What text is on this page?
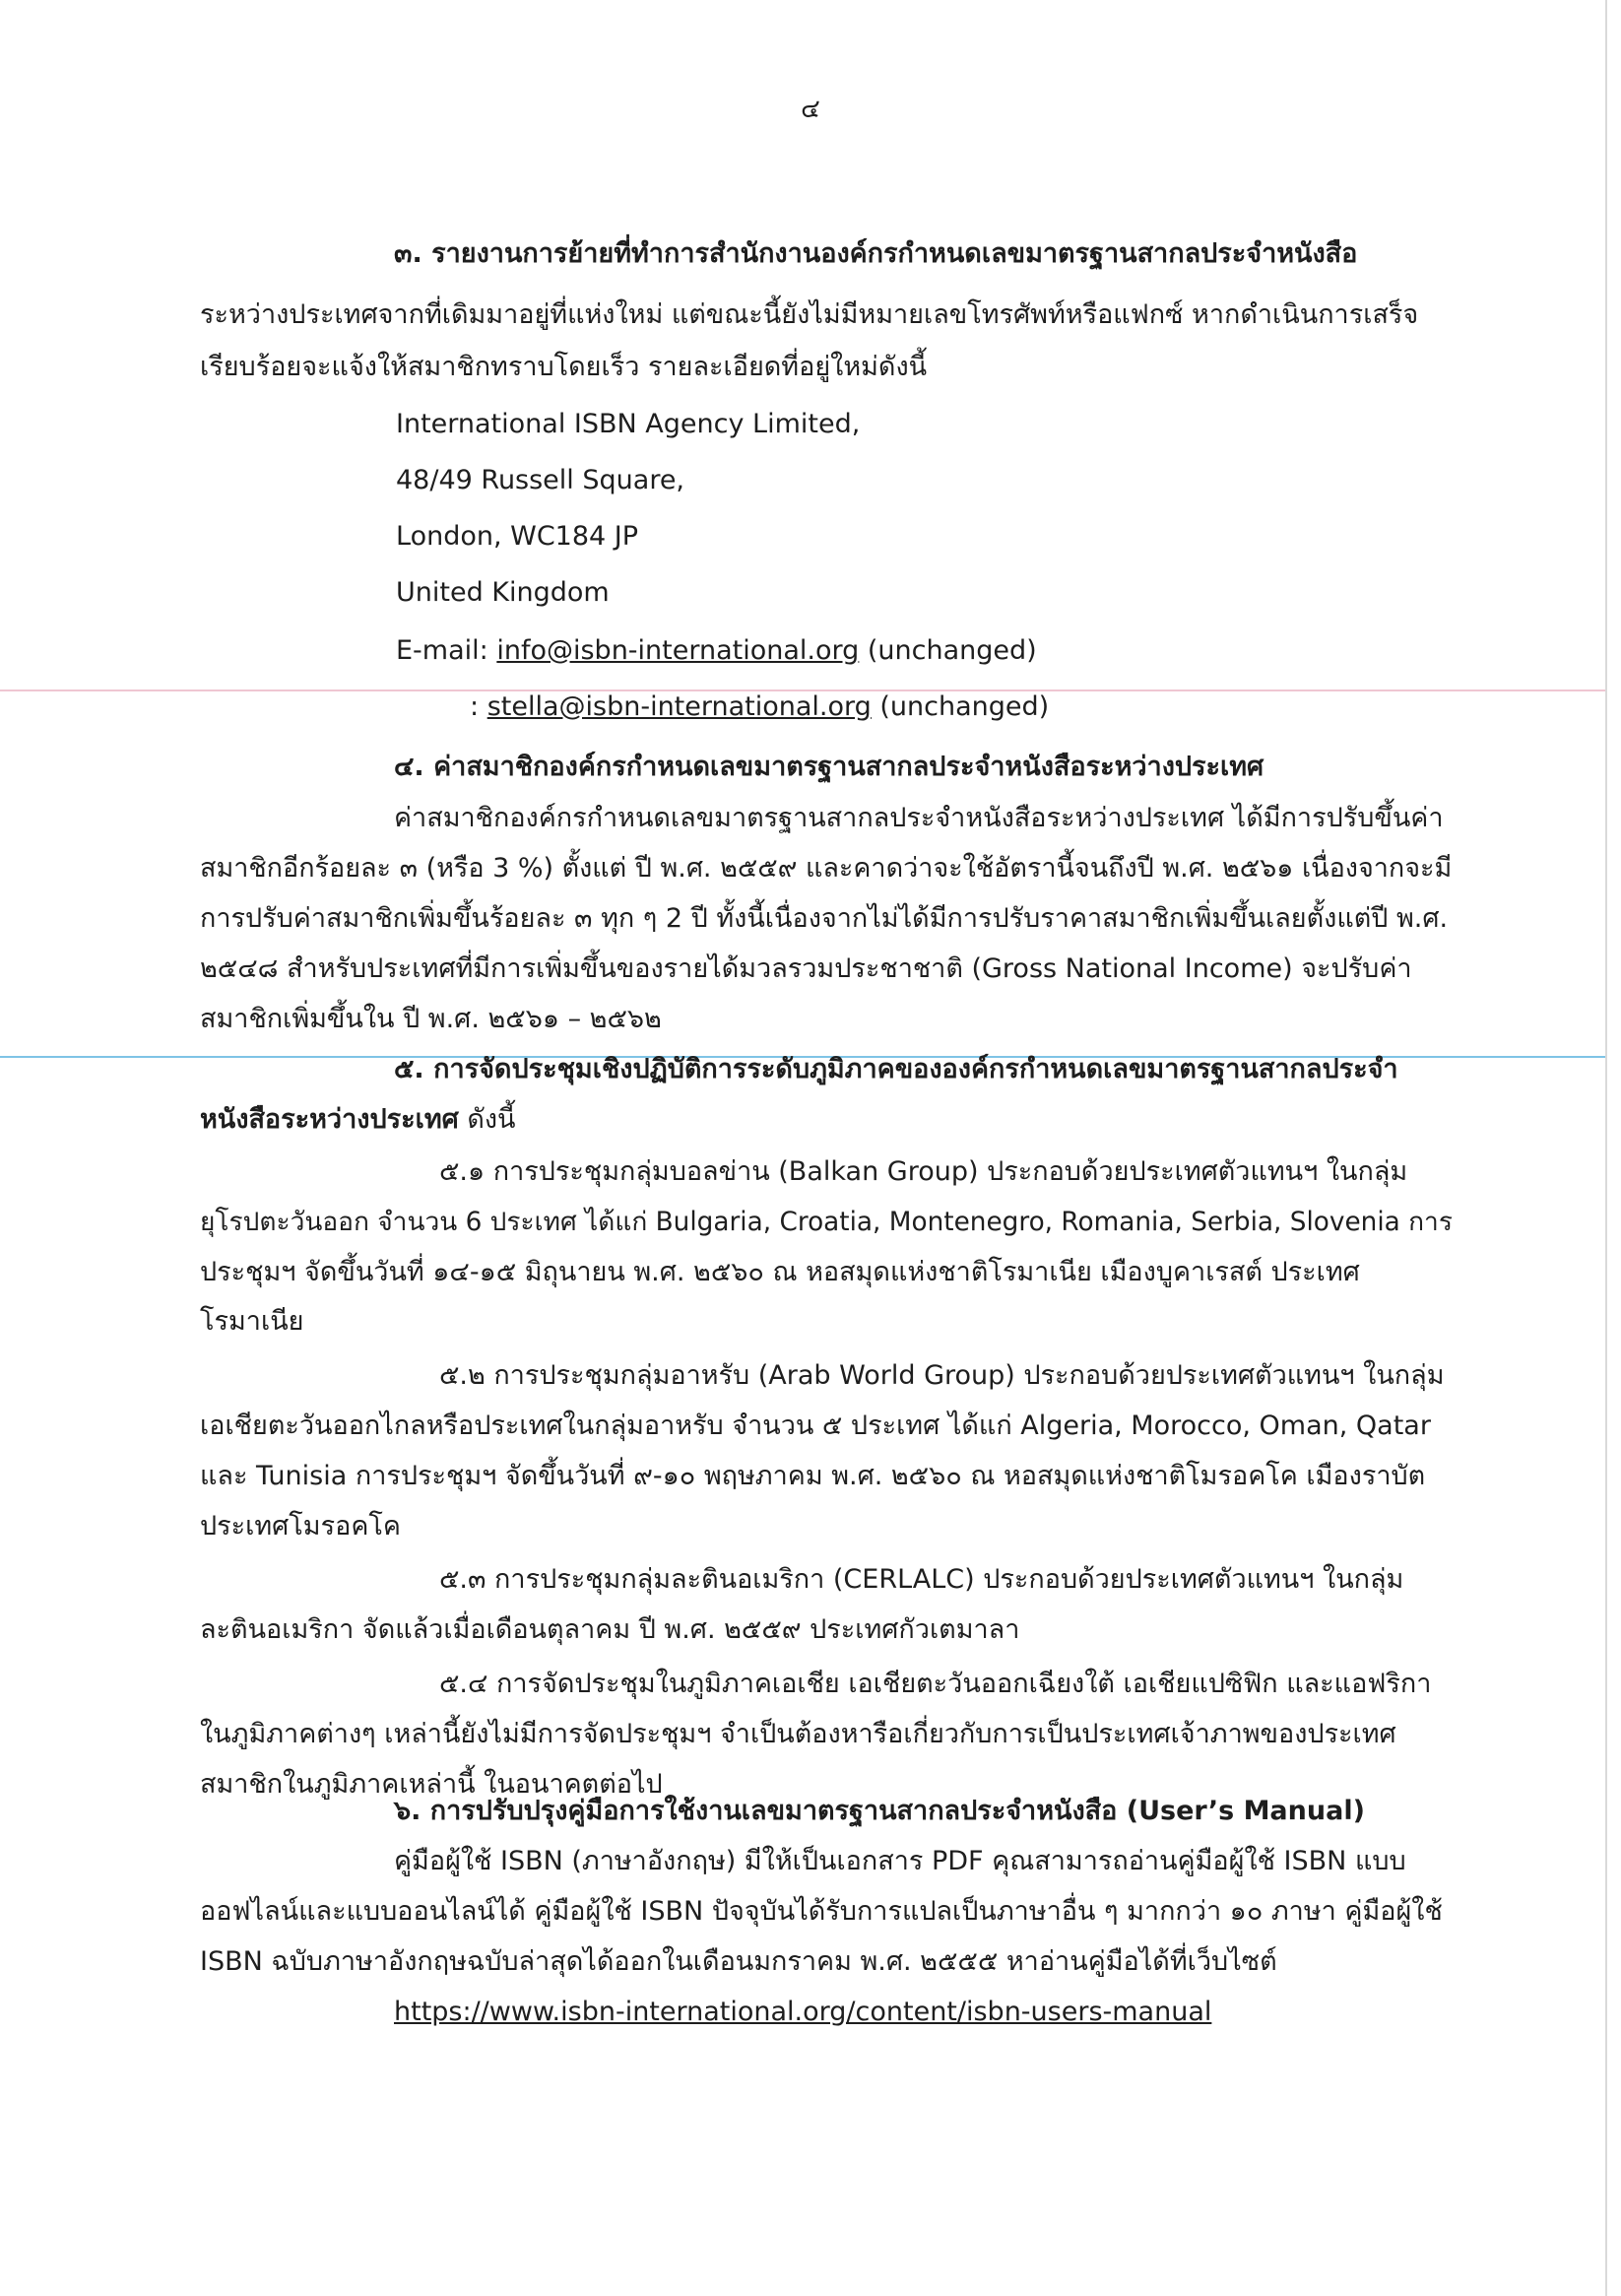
๔
๓. รายงานการย้ายที่ทำการสำนักงานองค์กรกำหนดเลขมาตรฐานสากลประจำหนังสือ
ระหว่างประเทศจากที่เดิมมาอยู่ที่แห่งใหม่ แต่ขณะนี้ยังไม่มีหมายเลขโทรศัพท์หรือแฟกซ์ หากดำเนินการเสร็จ
เรียบร้อยจะแจ้งให้สมาชิกทราบโดยเร็ว รายละเอียดที่อยู่ใหม่ดังนี้
International ISBN Agency Limited,
48/49 Russell Square,
London, WC184 JP
United Kingdom
E-mail: info@isbn-international.org (unchanged)
: stella@isbn-international.org (unchanged)
๔. ค่าสมาชิกองค์กรกำหนดเลขมาตรฐานสากลประจำหนังสือระหว่างประเทศ
ค่าสมาชิกองค์กรกำหนดเลขมาตรฐานสากลประจำหนังสือระหว่างประเทศ ได้มีการปรับขึ้นค่า
สมาชิกอีกร้อยละ ๓ (หรือ 3 %) ตั้งแต่ ปี พ.ศ. ๒๕๕๙ และคาดว่าจะใช้อัตรานี้จนถึงปี พ.ศ. ๒๕๖๑ เนื่องจากจะมี
การปรับค่าสมาชิกเพิ่มขึ้นร้อยละ ๓ ทุก ๆ 2 ปี ทั้งนี้เนื่องจากไม่ได้มีการปรับราคาสมาชิกเพิ่มขึ้นเลยตั้งแต่ปี พ.ศ.
๒๕๔๘ สำหรับประเทศที่มีการเพิ่มขึ้นของรายได้มวลรวมประชาชาติ (Gross National Income) จะปรับค่า
สมาชิกเพิ่มขึ้นใน ปี พ.ศ. ๒๕๖๑ – ๒๕๖๒
๕. การจัดประชุมเชิงปฏิบัติการระดับภูมิภาคขององค์กรกำหนดเลขมาตรฐานสากลประจำ
หนังสือระหว่างประเทศ ดังนี้
๕.๑ การประชุมกลุ่มบอลข่าน (Balkan Group) ประกอบด้วยประเทศตัวแทนฯ ในกลุ่ม
ยุโรปตะวันออก จำนวน 6 ประเทศ ได้แก่ Bulgaria, Croatia, Montenegro, Romania, Serbia, Slovenia การ
ประชุมฯ จัดขึ้นวันที่ ๑๔-๑๕ มิถุนายน พ.ศ. ๒๕๖๐ ณ หอสมุดแห่งชาติโรมาเนีย เมืองบูคาเรสต์ ประเทศ
โรมาเนีย
๕.๒ การประชุมกลุ่มอาหรับ (Arab World Group) ประกอบด้วยประเทศตัวแทนฯ ในกลุ่ม
เอเชียตะวันออกไกลหรือประเทศในกลุ่มอาหรับ จำนวน ๕ ประเทศ ได้แก่ Algeria, Morocco, Oman, Qatar
และ Tunisia การประชุมฯ จัดขึ้นวันที่ ๙-๑๐ พฤษภาคม พ.ศ. ๒๕๖๐ ณ หอสมุดแห่งชาติโมรอคโค เมืองราบัต
ประเทศโมรอคโค
๕.๓ การประชุมกลุ่มละตินอเมริกา (CERLALC) ประกอบด้วยประเทศตัวแทนฯ ในกลุ่ม
ละตินอเมริกา จัดแล้วเมื่อเดือนตุลาคม ปี พ.ศ. ๒๕๕๙ ประเทศกัวเตมาลา
๕.๔ การจัดประชุมในภูมิภาคเอเชีย เอเชียตะวันออกเฉียงใต้ เอเชียแปซิฟิก และแอฟริกา
ในภูมิภาคต่างๆ เหล่านี้ยังไม่มีการจัดประชุมฯ จำเป็นต้องหารือเกี่ยวกับการเป็นประเทศเจ้าภาพของประเทศ
สมาชิกในภูมิภาคเหล่านี้ ในอนาคตต่อไป
๖. การปรับปรุงคู่มือการใช้งานเลขมาตรฐานสากลประจำหนังสือ (User’s Manual)
คู่มือผู้ใช้ ISBN (ภาษาอังกฤษ) มีให้เป็นเอกสาร PDF คุณสามารถอ่านคู่มือผู้ใช้ ISBN แบบ
ออฟไลน์และแบบออนไลน์ได้ คู่มือผู้ใช้ ISBN ปัจจุบันได้รับการแปลเป็นภาษาอื่น ๆ มากกว่า ๑๐ ภาษา คู่มือผู้ใช้
ISBN ฉบับภาษาอังกฤษฉบับล่าสุดได้ออกในเดือนมกราคม พ.ศ. ๒๕๕๕ หาอ่านคู่มือได้ที่เว็บไซต์
https://www.isbn-international.org/content/isbn-users-manual
